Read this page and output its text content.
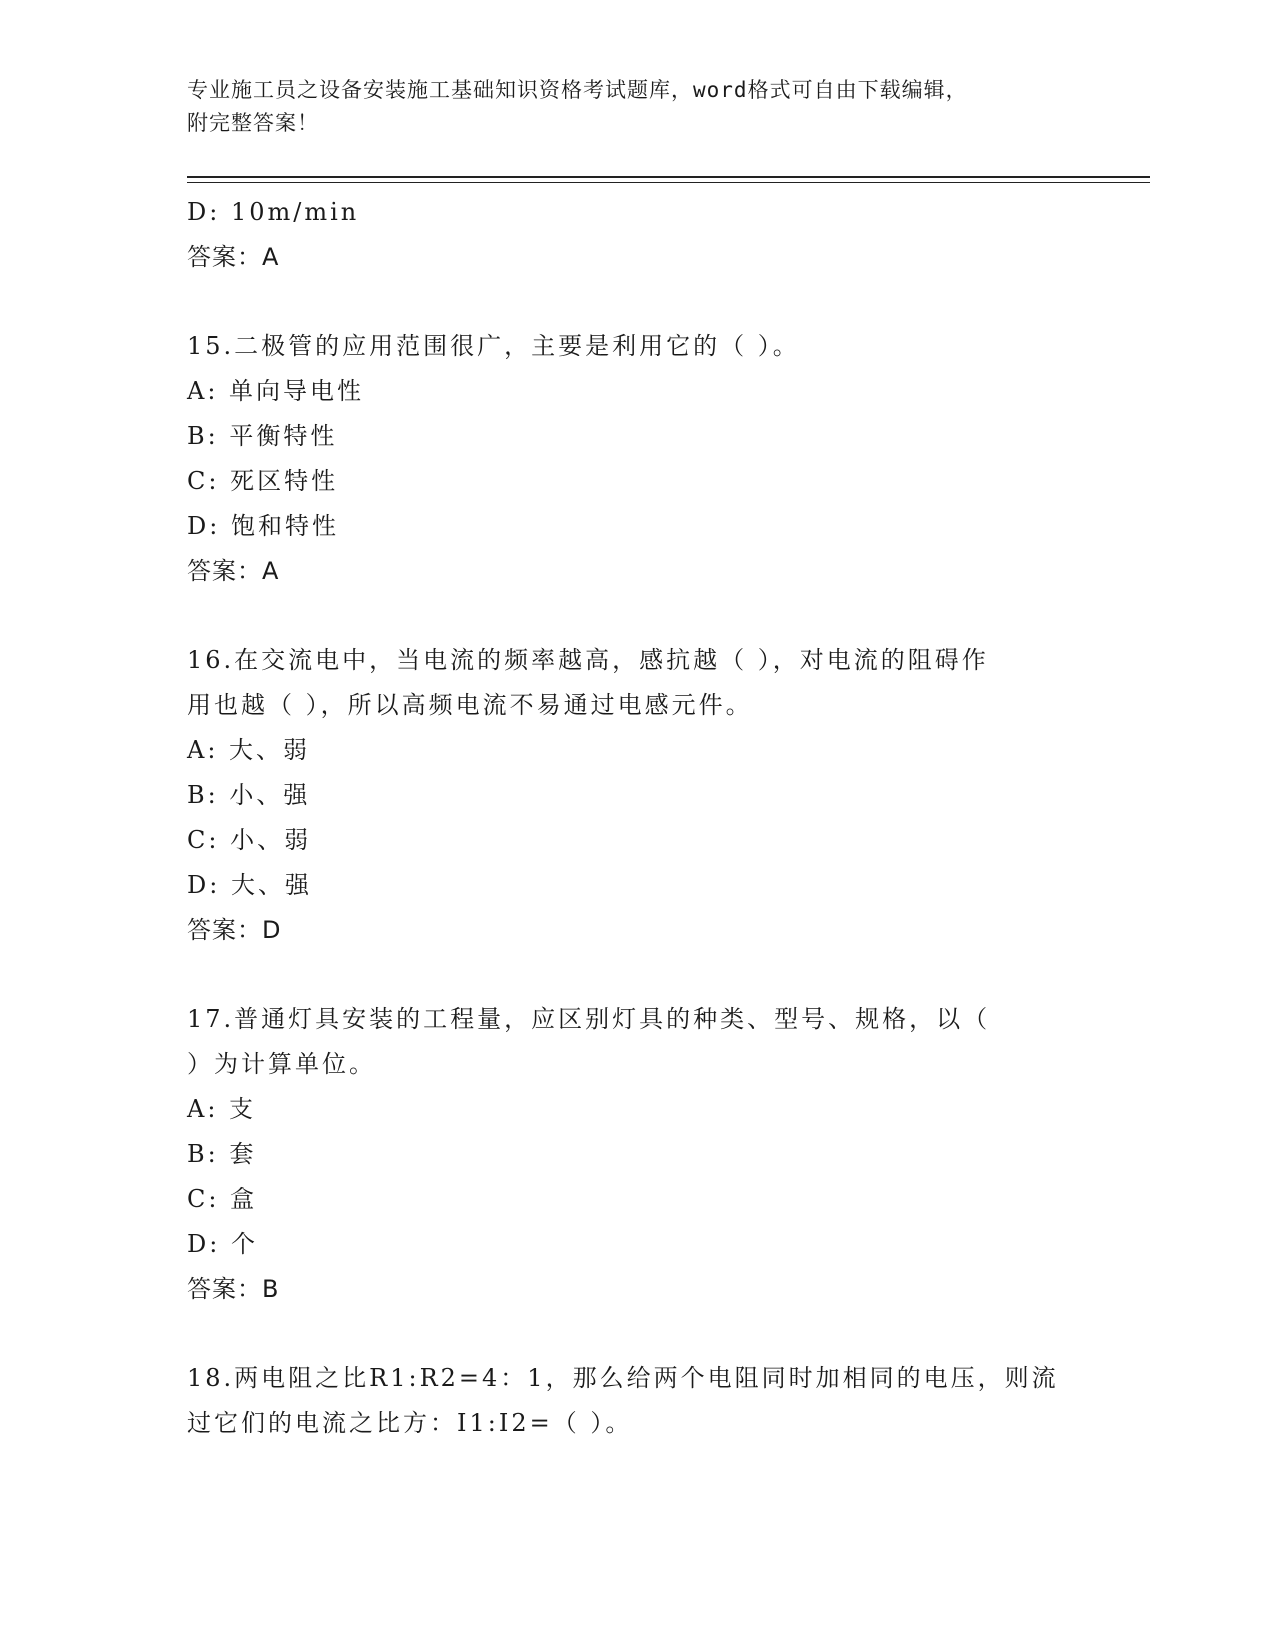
专业施工员之设备安装施工基础知识资格考试题库，word格式可自由下载编辑，
附完整答案！
D: 10m/min
答案：A
15.二极管的应用范围很广，主要是利用它的（ ）。
A: 单向导电性
B: 平衡特性
C: 死区特性
D: 饱和特性
答案：A
16.在交流电中，当电流的频率越高，感抗越（ ），对电流的阻碍作
用也越（ ），所以高频电流不易通过电感元件。
A: 大、弱
B: 小、强
C: 小、弱
D: 大、强
答案：D
17.普通灯具安装的工程量，应区别灯具的种类、型号、规格，以（
）为计算单位。
A: 支
B: 套
C: 盒
D: 个
答案：B
18.两电阻之比R1:R2=4：1，那么给两个电阻同时加相同的电压，则流
过它们的电流之比方：I1:I2=（ ）。
